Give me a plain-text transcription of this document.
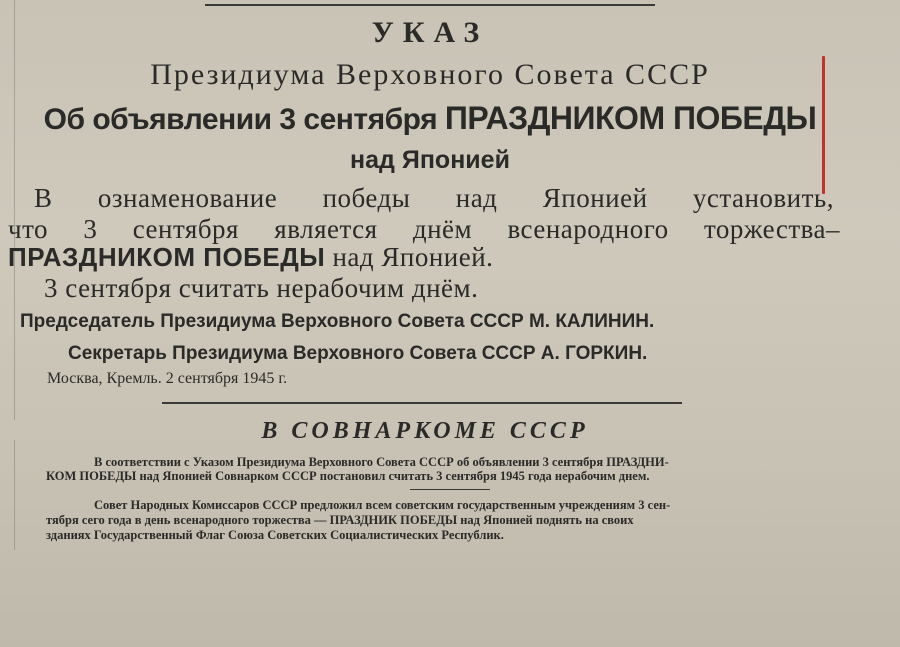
УКАЗ
Президиума Верховного Совета СССР
Об объявлении 3 сентября ПРАЗДНИКОМ ПОБЕДЫ
над Японией
В ознаменование победы над Японией установить,
что 3 сентября является днём всенародного торжества–
ПРАЗДНИКОМ ПОБЕДЫ над Японией.
3 сентября считать нерабочим днём.
Председатель Президиума Верховного Совета СССР М. КАЛИНИН.
Секретарь Президиума Верховного Совета СССР А. ГОРКИН.
Москва, Кремль. 2 сентября 1945 г.
В СОВНАРКОМЕ СССР
В соответствии с Указом Президиума Верховного Совета СССР об объявлении 3 сентября ПРАЗДНИ-
КОМ ПОБЕДЫ над Японией Совнарком СССР постановил считать 3 сентября 1945 года нерабочим днем.
Совет Народных Комиссаров СССР предложил всем советским государственным учреждениям 3 сен-
тября сего года в день всенародного торжества — ПРАЗДНИК ПОБЕДЫ над Японией поднять на своих
зданиях Государственный Флаг Союза Советских Социалистических Республик.
